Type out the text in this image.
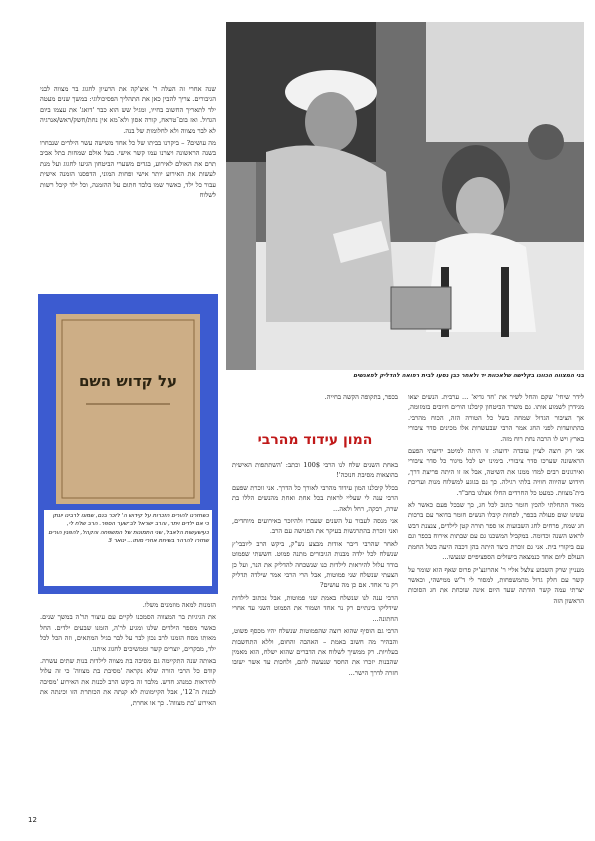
שנה אחרי זה העלה ר' איצ'קה את הרעיון לחגוג בר מצווה לבני הגיבורים. צריך להבין כאן את התהליך הפסיכולוגי: במשך שנים מעטה ילד לתאריך החשוב בחייו, ומגיל שש הוא כבר 'דואג' את עצמו ביום הגדול. ואז בום־טראח, קורה אסון ולא־מא אין נחת/חשק/ראש/אנרגיה לא לבר מצווה ולא לחלומות של בנה.

מה עושים? – ביקרנו בביתו של כל אחד משישה עשר הילדים שנבחרו בשנה הראשונה ויצרנו עמו קשר אישי. בעל אולם שמחות בתל אביב תרם את האולם לאירוע, בגדים משערי הביטחון הגיעו לחגוג ועל מנת לעשות את האירוע יותר אישי ופחות המוני, הדפסנו הזמנה אישית עבור כל ילד, כאשר שמו בלבד חתום על ההזמנה, וכל ילד קיבל רשות לשלוח

על קדוש השם
כשחזרנו להורים הזכרות על קידוש ה' לזכר בנם, שמונו לרבינו יונתן כי אם ילדים ויתר, והרב ישראל לב־שער הספר. הרב שלח לי, כעישעשות הלאבל, שני התמונות של המשפחה והקהל, להפגין הורים שחזרו להרהר בשיחת אחרי מותו... ינואר 3

הזמנות למאה מוזמנים משלו.

את הגיגיות בר המצווה הסמכנו לקיים עם עיצור תר'ה במשך שנים. כאשר מספר הילדים שלנו ומגיע לר'ה, הזמנו שבעים ילדים. החל מאותו מסח הזמנו לרב נכון לבר על לבר בגיל המתאים, וזה הכל לכל ילד, מבקרים, יוצרים קשר וממשיכים לחגוג איתנו.

באותה שנה התקיימה גם מסיבה בת מצווה לילדות בנות שתים עשרה. קודם כל הרבי הורה שלא נקראה 'מסיבת בת מצווה' כי זה עלול להיראות כמנהג חדש. מלבד זה ביקש הרב לכנות את האירוע 'מסיבה לבנות ה־12', אבל הקיימונות לא קנתה את הכותרת הזו וכינתה את האירוע 'בת מצווה'. כך או אחרת,

בני המצווה הכוונו בקלישה שלאכוות יד ולאחר כבן נסעו לבית רפואה להדליק לפאנשים

בכפר, בתקופה הקשה בחייה.

המון עידוד מהרבי

באחת השנים שלח לנו הרבי 100$ וכתב: 'השתתפות האישית בהוצאות מסיבת חנוכה'!

בכלל קיבלנו המון עידוד מהרבי לאורך כל הדרך. אני זוכרת שפעם הרבי ענה לי שעליי לראות בכל אחת ואחת מהנשים הללו בת שרה, רבקה, רחל ולאה...

אני מנסה לעבור על השנים שעברו ולהיזכר באירועים מיוחדים, ואני זוכרת בהתרגשות בעיקר את הפגישה עם הרב.

לאחר שהרבי דיבר אודות מבצע נש"ק, ביקש הרב ליובבי'ץ שנשלח לכל ילדה מבנות הגיבורים מתנה פמוט. חששתי שפמוט בודד עלול להיראות לילדות כנו שנשכחה להדליק את הנר, ועל כן הצעתי שנשלח שני פמוטות, אבל הרי הרבי אמר שילדה תדליק רק נר אחד. אם כן מה עושים?

הרבי ענה לנו שנשלח באמת שני פמוטות, אבל נכתוב לילדות שידליקו בינתיים רק נר אחד ושמור את הפמוט השני עד אחרי החתונה...

הרבי גם הוסיף שהוא רוצה שהפמוטות שנשלח יהיו מכסף פשוט, והבהיר מה חשוב באמת – האהבה והחום, וללא התחשבות בעלויות. רק ממשיך לשלוח את הדברים שהוא ישלח, הוא מאמין שהבנות יזכרו את החסד שנעשה להם, ולחכות עד אשר ישובו חזרה לדרך הישר...

לידר שיחי' שקם והחל לשיר את 'חד גדיא' ... ערבית. הנשים יצאו מגידרן לשמוע אותו. גם משרד הביטחון קיבלנו הורים חיובים בזמזומה, אך הציבור הגדול שמחה בשל כל הטורה הזה, הכוח מהרבי. בהתוועדות לפני החג אמר הרבי שבעשרות אלו מכינים סדר ציבורי בארץ ויש לו הרבה נחת רוח מזה.

אני רק רוצה לציין עובדה ידועה: זו היתה למיטב ידיעתי הפעם הראשונה שערכו סדר ציבורי. בימינו יש לכל מיגור כל סדר ציבורי ואירגונים רבים למדו ממנו את השיטה, אבל אז זו היתה פריצת דרך, חידוש שהיווה חוויה בלתי רגילה. כך גם בגוגע למשלוח מנות ועריכת בית־מצוות. כמעט כל החרדים החלו אצלנו בחב"ד.

מאוד התחלתי להכין חומר כתוב לכל חג, כך שבכל פעם כאשר לא עשינו שום פעולה בכפר, לפחות קיבלו הנשים חומר בדואר עם ברכות חג שמח, פרחים לחג השבועות או ספר תורה קטן לילדים, צנצנת דבש לראש השנה וכדומה. במקביל המשכנו גם עם שבתות אירוח בכפר וגם עם ביקורי בית. אני גם זוכרת כיצד היתה בהן דכבה היעה בשל החמת העולם ליום אחד כנמצאה בישולים הספציפיים שנעשו...

מעניין שרק השבוע צלצל אליי ר' אהרונצ'יק פרוס שאף הוא שומר על קשר עם חלק גדול מהמשפחות, למסור לי ד"ש ממישהי, וכאשר יצרתי עמה קשר הודתה שעד היום אינה שוכחת את חג הסוכות הראשון הזה

12
